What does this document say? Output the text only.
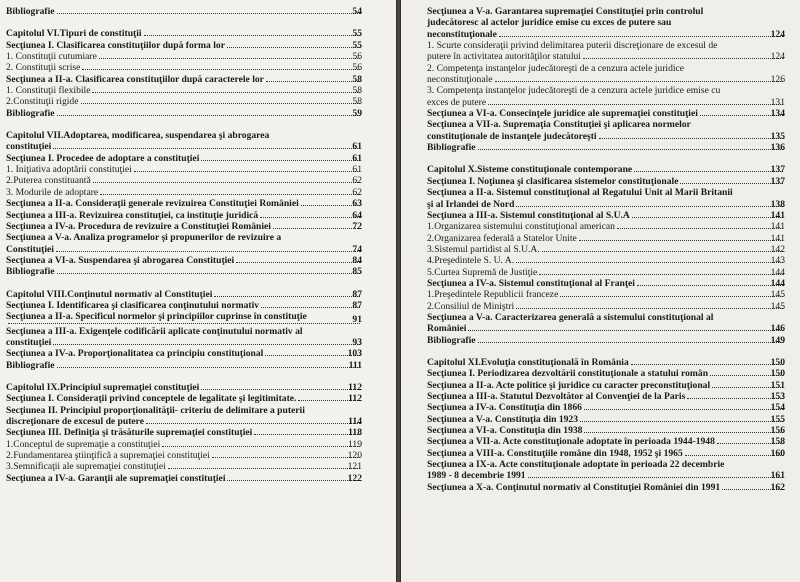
Bibliografie	54
Capitolul VI.Tipuri de constituţii	55
Secţiunea I. Clasificarea constituţiilor după forma lor	55
1. Constituţii cutumiare	56
2. Constituţii scrise	56
Secţiunea a II-a. Clasificarea constituţiilor după caracterele lor	58
1. Constituţii flexibile	58
2.Constituţii rigide	58
Bibliografie	59
Capitolul VII.Adoptarea, modificarea, suspendarea şi abrogarea
constituţiei	61
Secţiunea I. Procedee de adoptare a constituţiei	61
1. Iniţiativa adoptării constituţiei	61
2.Puterea constituantă	62
3. Modurile de adoptare	62
Secţiunea a II-a. Consideraţii generale revizuirea Constituţiei României	63
Secţiunea a III-a. Revizuirea constituţiei, ca instituţie juridică	64
Secţiunea a IV-a. Procedura de revizuire a Constituţiei României	72
Secţiunea a V-a. Analiza programelor şi propunerilor de revizuire a
Constituţiei	74
Secţiunea a VI-a. Suspendarea şi abrogarea Constituţiei	84
Bibliografie	85
Capitolul VIII.Conţinutul normativ al Constituţiei	87
Secţiunea I. Identificarea şi clasificarea conţinutului normativ	87
Secţiunea a II-a. Specificul normelor şi principiilor cuprinse în constituţie	91
Secţiunea a III-a. Exigenţele codificării aplicate conţinutului normativ al
constituţiei	93
Secţiunea a IV-a. Proporţionalitatea ca principiu constituţional	103
Bibliografie	111
Capitolul IX.Principiul supremaţiei constituţiei	112
Secţiunea I. Consideraţii privind conceptele de legalitate şi legitimitate.	112
Secţiunea II. Principiul proporţionalităţii- criteriu de delimitare a puterii
discreţionare de excesul de putere	114
Secţiunea III. Definiţia şi trăsăturile supremaţiei constituţiei	118
1.Conceptul de supremaţie a constituţiei	119
2.Fundamentarea ştiinţifică a supremaţiei constituţiei	120
3.Semnificaţii ale supremaţiei constituţiei	121
Secţiunea a IV-a. Garanţii ale supremaţiei constituţiei	122
Secţiunea a V-a. Garantarea supremaţiei Constituţiei prin controlul
judecătoresc al actelor juridice emise cu exces de putere sau
neconstituţionale	124
1. Scurte consideraţii privind delimitarea puterii discreţionare de excesul de
putere în activitatea autorităţilor statului	124
2. Competenţa instanţelor judecătoreşti de a cenzura actele juridice
neconstituţionale	126
3. Competenţa instanţelor judecătoreşti de a cenzura actele juridice emise cu
exces de putere	131
Secţiunea a VI-a. Consecinţele juridice ale supremaţiei constituţiei	134
Secţiunea a VII-a. Supremaţia Constituţiei şi aplicarea normelor
constituţionale de instanţele judecătoreşti	135
Bibliografie	136
Capitolul X.Sisteme constituţionale contemporane	137
Secţiunea I. Noţiunea şi clasificarea sistemelor constituţionale	137
Secţiunea a II-a. Sistemul constituţional al Regatului Unit al Marii Britanii
şi al Irlandei de Nord	138
Secţiunea a III-a. Sistemul constituţional al S.U.A	141
1.Organizarea sistemului constituţional american	141
2.Organizarea federală a Statelor Unite	141
3.Sistemul partidist al S.U.A.	142
4.Preşedintele S. U. A.	143
5.Curtea Supremă de Justiţie	144
Secţiunea a IV-a. Sistemul constituţional al Franţei	144
1.Preşedintele Republicii franceze	145
2.Consiliul de Miniştri	145
Secţiunea a V-a. Caracterizarea generală a sistemului constituţional al
României	146
Bibliografie	149
Capitolul XI.Evoluţia constituţională în România	150
Secţiunea I. Periodizarea dezvoltării constituţionale a statului român	150
Secţiunea a II-a. Acte politice şi juridice cu caracter preconstituţional	151
Secţiunea a III-a. Statutul Dezvoltător al Convenţiei de la Paris	153
Secţiunea a IV-a. Constituţia din 1866	154
Secţiunea a V-a. Constituţia din 1923	155
Secţiunea a VI-a. Constituţia din 1938	156
Secţiunea a VII-a. Acte constituţionale adoptate în perioada 1944-1948	158
Secţiunea a VIII-a. Constituţiile române din 1948, 1952 şi 1965	160
Secţiunea a IX-a. Acte constituţionale adoptate în perioada 22 decembrie
1989 - 8 decembrie 1991	161
Secţiunea a X-a. Conţinutul normativ al Constituţiei României din 1991	162
